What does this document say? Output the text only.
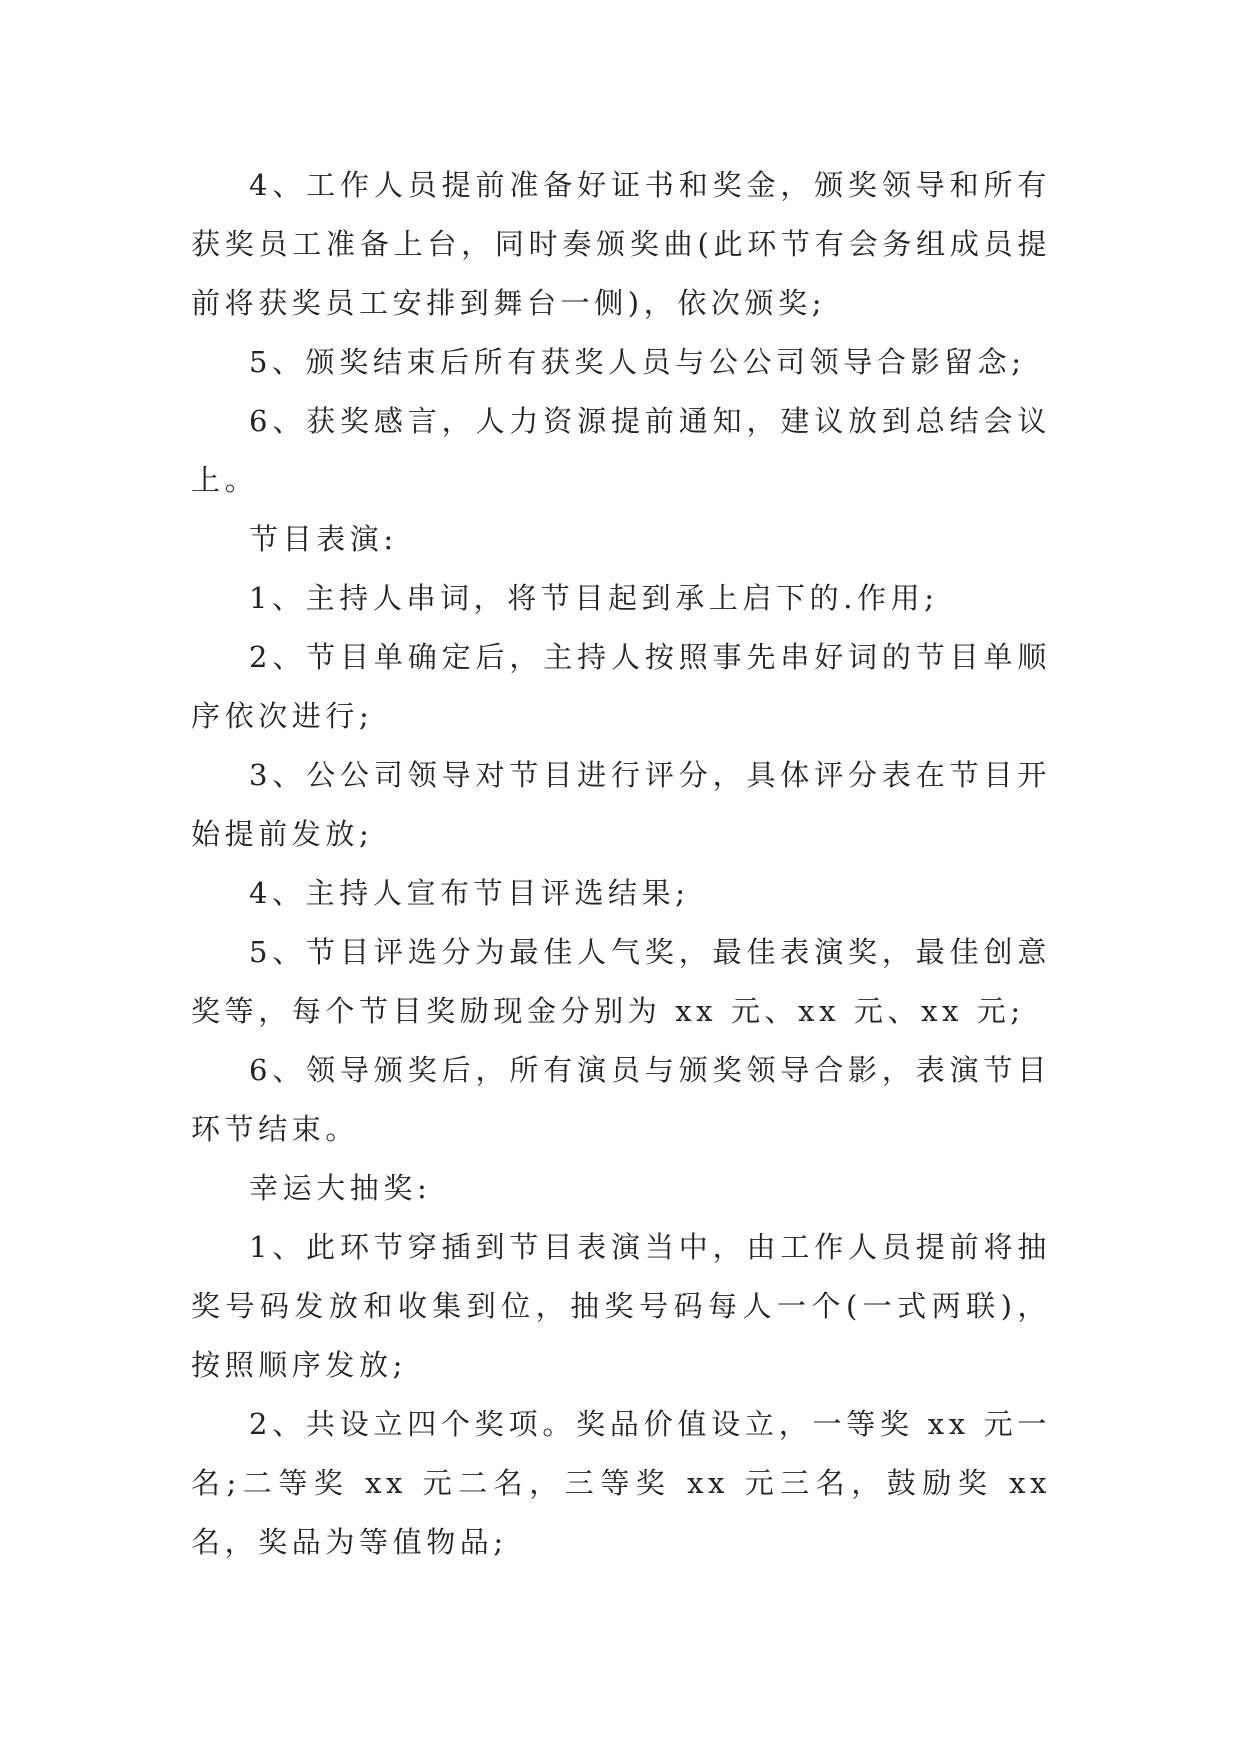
4、工作人员提前准备好证书和奖金，颁奖领导和所有获奖员工准备上台，同时奏颁奖曲(此环节有会务组成员提前将获奖员工安排到舞台一侧)，依次颁奖;

5、颁奖结束后所有获奖人员与公公司领导合影留念;

6、获奖感言，人力资源提前通知，建议放到总结会议上。

节目表演:

1、主持人串词，将节目起到承上启下的.作用;

2、节目单确定后，主持人按照事先串好词的节目单顺序依次进行;

3、公公司领导对节目进行评分，具体评分表在节目开始提前发放;

4、主持人宣布节目评选结果;

5、节目评选分为最佳人气奖，最佳表演奖，最佳创意奖等，每个节目奖励现金分别为 xx 元、xx 元、xx 元;

6、领导颁奖后，所有演员与颁奖领导合影，表演节目环节结束。

幸运大抽奖:

1、此环节穿插到节目表演当中，由工作人员提前将抽奖号码发放和收集到位，抽奖号码每人一个(一式两联)，按照顺序发放;

2、共设立四个奖项。奖品价值设立，一等奖 xx 元一名;二等奖 xx 元二名，三等奖 xx 元三名，鼓励奖 xx 名，奖品为等值物品;
